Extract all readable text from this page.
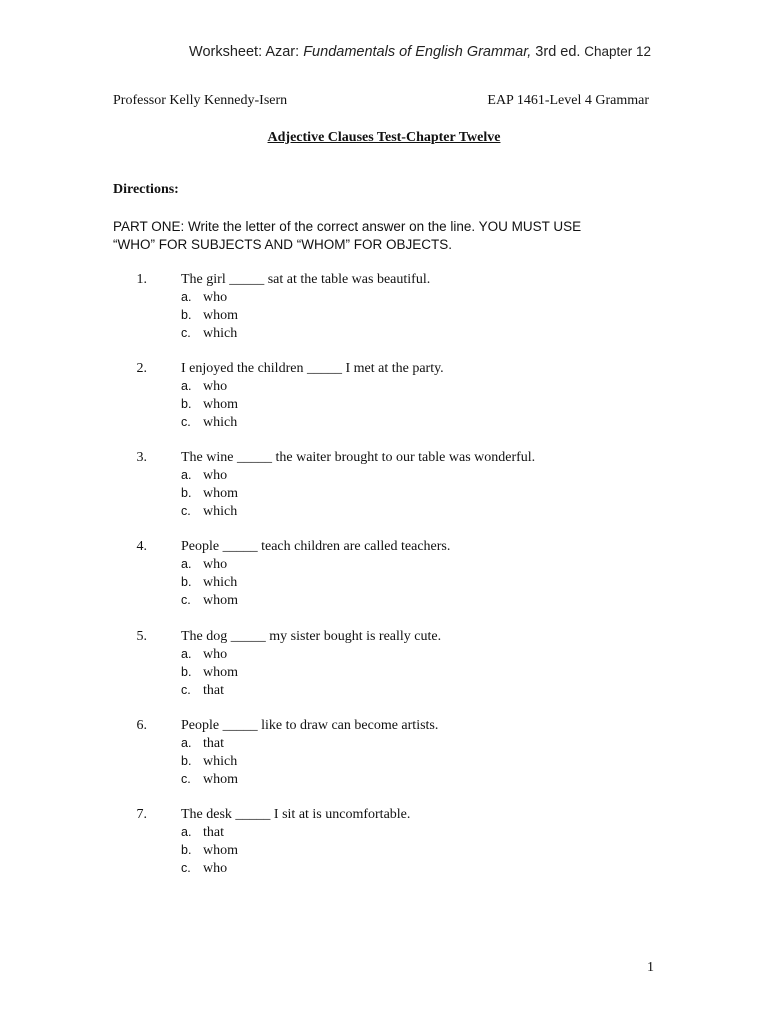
Worksheet: Azar: Fundamentals of English Grammar, 3rd ed. Chapter 12
Professor Kelly Kennedy-Isern	EAP 1461-Level 4 Grammar
Adjective Clauses Test-Chapter Twelve
Directions:
PART ONE: Write the letter of the correct answer on the line. YOU MUST USE
“WHO” FOR SUBJECTS AND “WHOM” FOR OBJECTS.
1. The girl _____ sat at the table was beautiful.
a. who
b. whom
c. which
2. I enjoyed the children _____ I met at the party.
a. who
b. whom
c. which
3. The wine _____ the waiter brought to our table was wonderful.
a. who
b. whom
c. which
4. People _____ teach children are called teachers.
a. who
b. which
c. whom
5. The dog _____ my sister bought is really cute.
a. who
b. whom
c. that
6. People _____ like to draw can become artists.
a. that
b. which
c. whom
7. The desk _____ I sit at is uncomfortable.
a. that
b. whom
c. who
1
